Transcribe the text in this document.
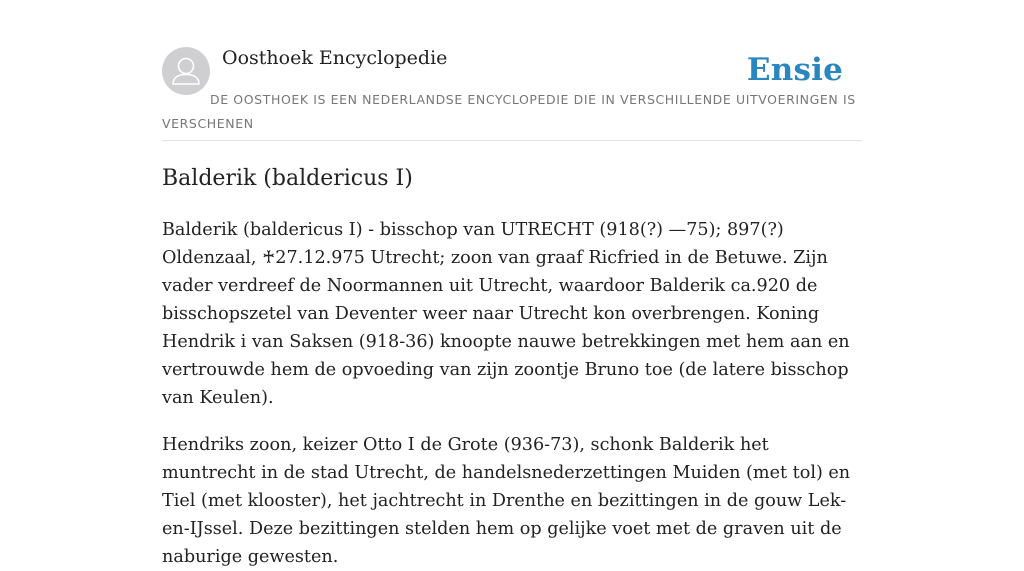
Oosthoek Encyclopedie	Ensie
DE OOSTHOEK IS EEN NEDERLANDSE ENCYCLOPEDIE DIE IN VERSCHILLENDE UITVOERINGEN IS VERSCHENEN
Balderik (baldericus I)

Balderik (baldericus I) - bisschop van UTRECHT (918(?) —75); 897(?) Oldenzaal, ♰27.12.975 Utrecht; zoon van graaf Ricfried in de Betuwe. Zijn vader verdreef de Noormannen uit Utrecht, waardoor Balderik ca.920 de bisschopszetel van Deventer weer naar Utrecht kon overbrengen. Koning Hendrik i van Saksen (918-36) knoopte nauwe betrekkingen met hem aan en vertrouwde hem de opvoeding van zijn zoontje Bruno toe (de latere bisschop van Keulen).

Hendriks zoon, keizer Otto I de Grote (936-73), schonk Balderik het muntrecht in de stad Utrecht, de handelsnederzettingen Muiden (met tol) en Tiel (met klooster), het jachtrecht in Drenthe en bezittingen in de gouw Lek-en-IJssel. Deze bezittingen stelden hem op gelijke voet met de graven uit de naburige gewesten.
